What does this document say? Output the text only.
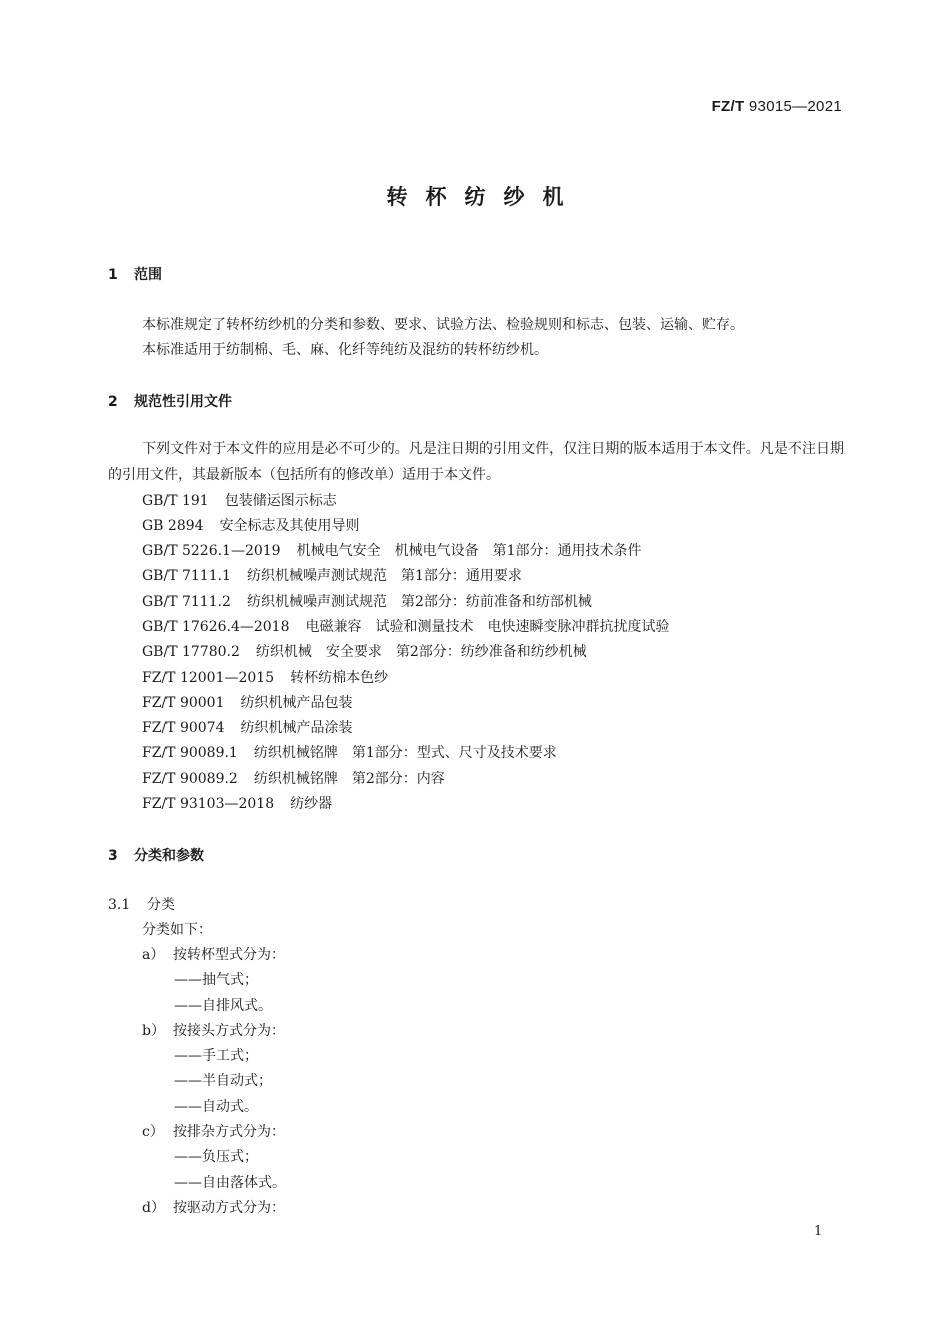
FZ/T 93015—2021
转杯纺纱机
1 范围
本标准规定了转杯纺纱机的分类和参数、要求、试验方法、检验规则和标志、包装、运输、贮存。
本标准适用于纺制棉、毛、麻、化纤等纯纺及混纺的转杯纺纱机。
2 规范性引用文件
下列文件对于本文件的应用是必不可少的。凡是注日期的引用文件，仅注日期的版本适用于本文件。凡是不注日期的引用文件，其最新版本（包括所有的修改单）适用于本文件。
GB/T 191 包装储运图示标志
GB 2894 安全标志及其使用导则
GB/T 5226.1—2019 机械电气安全　机械电气设备　第1部分：通用技术条件
GB/T 7111.1 纺织机械噪声测试规范　第1部分：通用要求
GB/T 7111.2 纺织机械噪声测试规范　第2部分：纺前准备和纺部机械
GB/T 17626.4—2018 电磁兼容　试验和测量技术　电快速瞬变脉冲群抗扰度试验
GB/T 17780.2 纺织机械　安全要求　第2部分：纺纱准备和纺纱机械
FZ/T 12001—2015 转杯纺棉本色纱
FZ/T 90001 纺织机械产品包装
FZ/T 90074 纺织机械产品涂装
FZ/T 90089.1 纺织机械铭牌　第1部分：型式、尺寸及技术要求
FZ/T 90089.2 纺织机械铭牌　第2部分：内容
FZ/T 93103—2018 纺纱器
3 分类和参数
3.1 分类
分类如下：
a） 按转杯型式分为：
——抽气式；
——自排风式。
b） 按接头方式分为：
——手工式；
——半自动式；
——自动式。
c） 按排杂方式分为：
——负压式；
——自由落体式。
d） 按驱动方式分为：
1
